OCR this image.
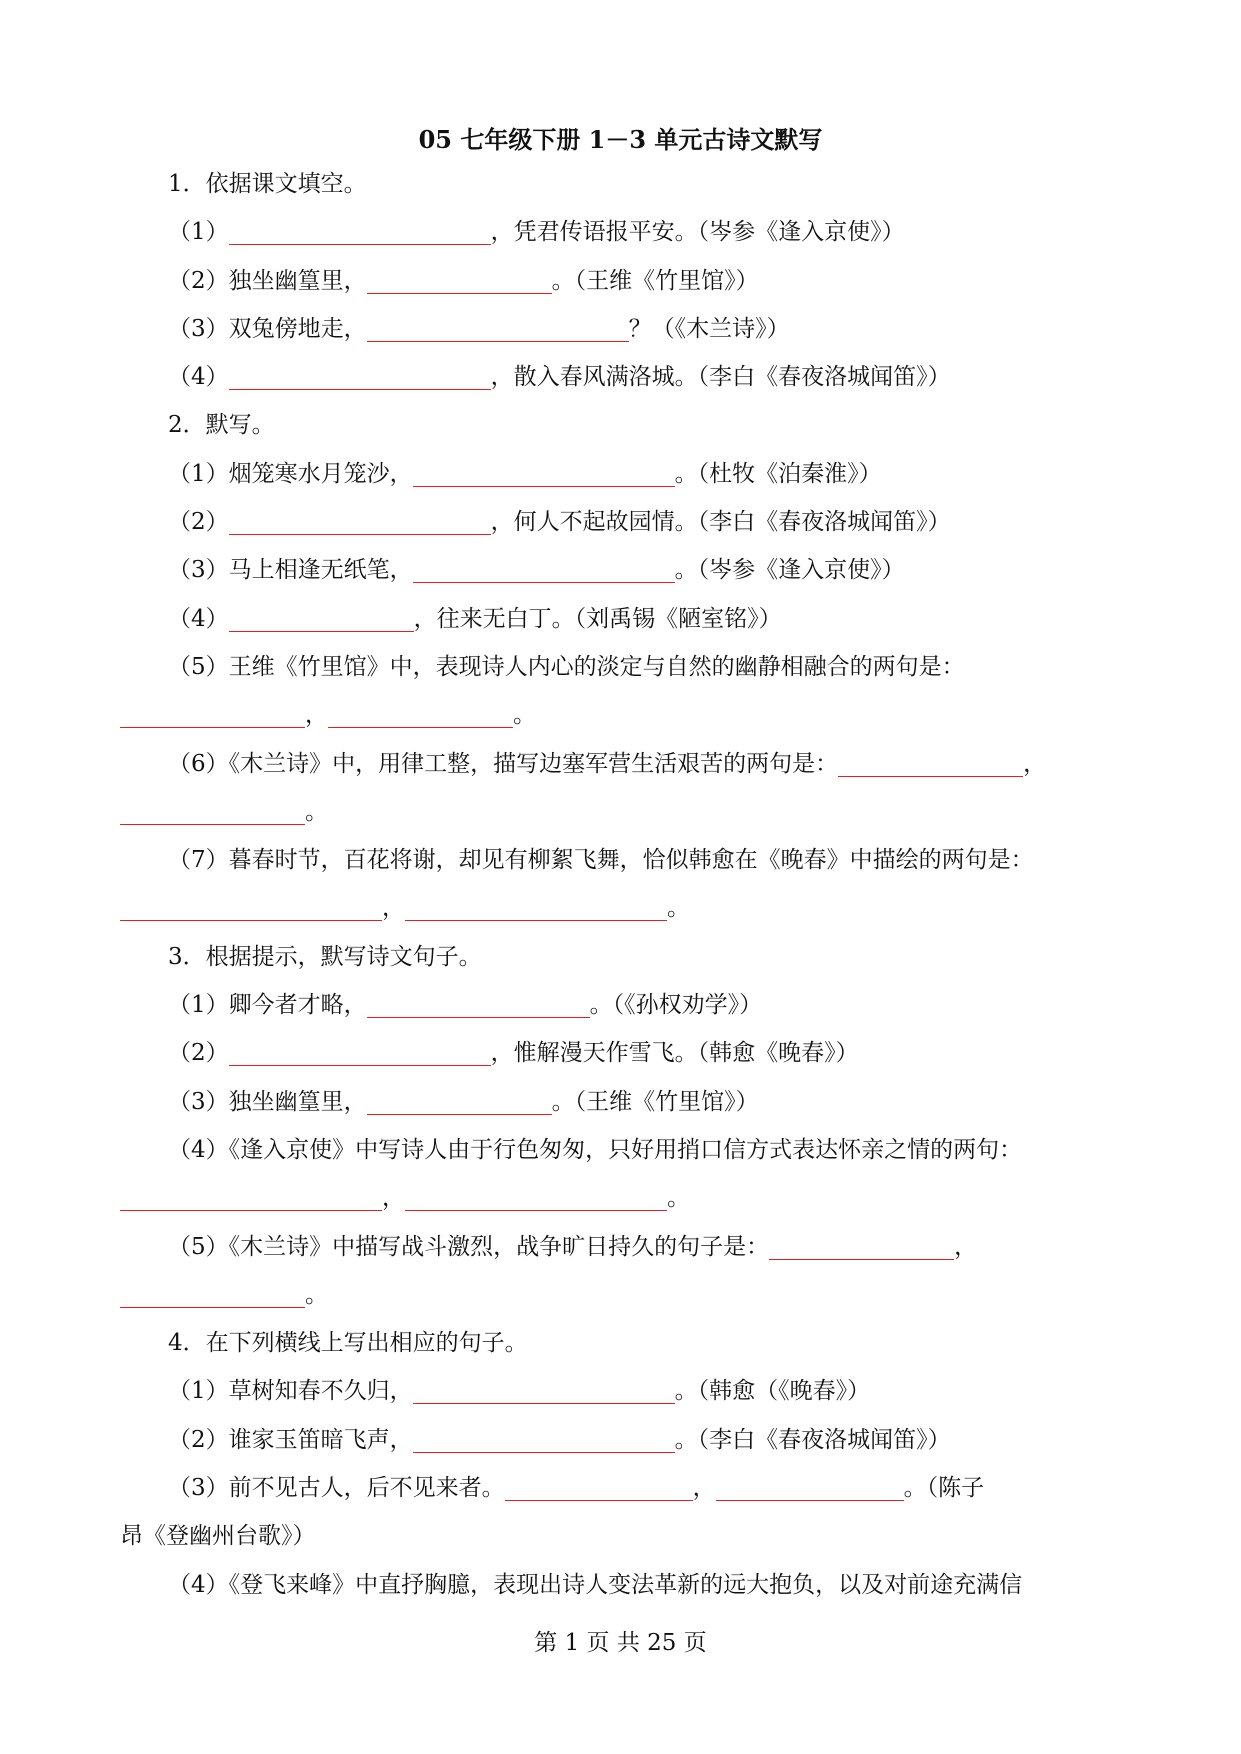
05 七年级下册 1－3 单元古诗文默写
1．依据课文填空。
（1）	，凭君传语报平安。（岑参《逢入京使》）
（2）独坐幽篁里，	。（王维《竹里馆》）
（3）双兔傍地走，	？（《木兰诗》）
（4）	，散入春风满洛城。（李白《春夜洛城闻笛》）
2．默写。
（1）烟笼寒水月笼沙，	。（杜牧《泊秦淮》）
（2）	，何人不起故园情。（李白《春夜洛城闻笛》）
（3）马上相逢无纸笔，	。（岑参《逢入京使》）
（4）	，往来无白丁。（刘禹锡《陋室铭》）
（5）王维《竹里馆》中，表现诗人内心的淡定与自然的幽静相融合的两句是：
，	。
（6）《木兰诗》中，用律工整，描写边塞军营生活艰苦的两句是：	，
。
（7）暮春时节，百花将谢，却见有柳絮飞舞，恰似韩愈在《晚春》中描绘的两句是：
，	。
3．根据提示，默写诗文句子。
（1）卿今者才略，	。（《孙权劝学》）
（2）	，惟解漫天作雪飞。（韩愈《晚春》）
（3）独坐幽篁里，	。（王维《竹里馆》）
（4）《逢入京使》中写诗人由于行色匆匆，只好用捎口信方式表达怀亲之情的两句：
，	。
（5）《木兰诗》中描写战斗激烈，战争旷日持久的句子是：	，
。
4．在下列横线上写出相应的句子。
（1）草树知春不久归，	。（韩愈（《晚春》）
（2）谁家玉笛暗飞声，	。（李白《春夜洛城闻笛》）
（3）前不见古人，后不见来者。	，	。（陈子
昂《登幽州台歌》）
（4）《登飞来峰》中直抒胸臆，表现出诗人变法革新的远大抱负，以及对前途充满信
第 1 页 共 25 页
